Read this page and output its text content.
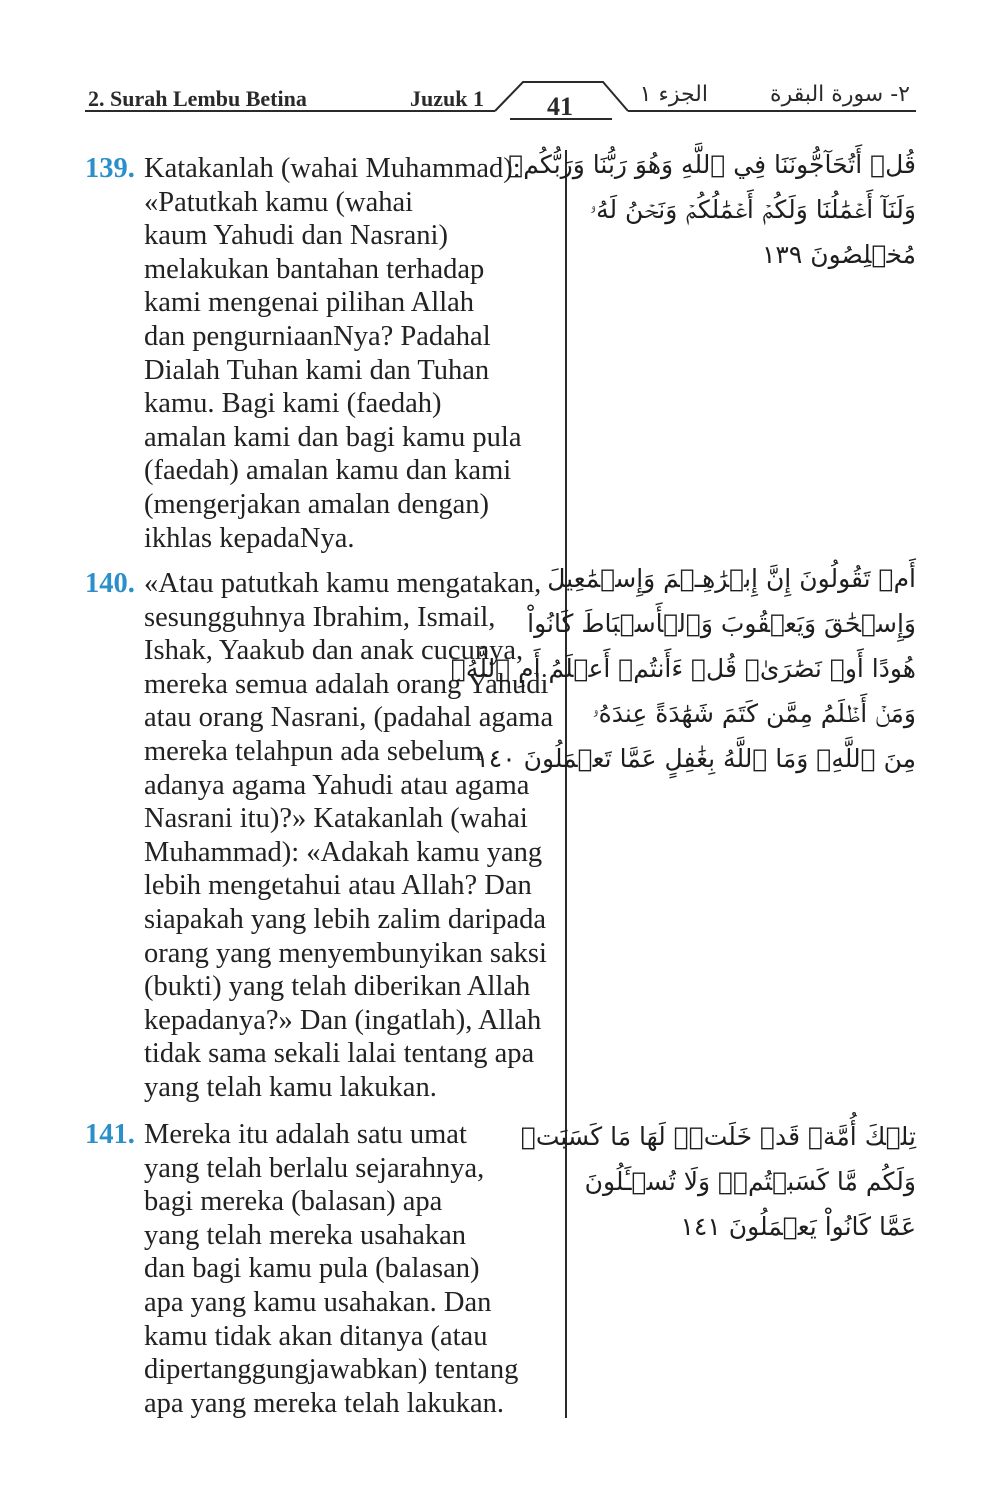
2. Surah Lembu Betina	Juzuk 1	41	الجزء ١	٢- سورة البقرة
139. Katakanlah (wahai Muhammad):
«Patutkah kamu (wahai
kaum Yahudi dan Nasrani)
melakukan bantahan terhadap
kami mengenai pilihan Allah
dan pengurniaanNya? Padahal
Dialah Tuhan kami dan Tuhan
kamu. Bagi kami (faedah)
amalan kami dan bagi kamu pula
(faedah) amalan kamu dan kami
(mengerjakan amalan dengan)
ikhlas kepadaNya.
قُلۡ أَتُحَآجُّونَنَا فِي ٱللَّهِ وَهُوَ رَبُّنَا وَرَبُّكُمۡ
وَلَنَآ أَعۡمَٰلُنَا وَلَكُمۡ أَعۡمَٰلُكُمۡ وَنَحۡنُ لَهُۥ
مُخۡلِصُونَ ١٣٩
140. «Atau patutkah kamu mengatakan,
sesungguhnya Ibrahim, Ismail,
Ishak, Yaakub dan anak cucunya,
mereka semua adalah orang Yahudi
atau orang Nasrani, (padahal agama
mereka telahpun ada sebelum
adanya agama Yahudi atau agama
Nasrani itu)?» Katakanlah (wahai
Muhammad): «Adakah kamu yang
lebih mengetahui atau Allah? Dan
siapakah yang lebih zalim daripada
orang yang menyembunyikan saksi
(bukti) yang telah diberikan Allah
kepadanya?» Dan (ingatlah), Allah
tidak sama sekali lalai tentang apa
yang telah kamu lakukan.
أَمۡ تَقُولُونَ إِنَّ إِبۡرَٰهِـۧمَ وَإِسۡمَٰعِيلَ
وَإِسۡحَٰقَ وَيَعۡقُوبَ وَٱلۡأَسۡبَاطَ كَانُواْ
هُودًا أَوۡ نَصَٰرَىٰۗ قُلۡ ءَأَنتُمۡ أَعۡلَمُ أَمِ ٱللَّهُۗ
وَمَنۡ أَظۡلَمُ مِمَّن كَتَمَ شَهَٰدَةً عِندَهُۥ
مِنَ ٱللَّهِۗ وَمَا ٱللَّهُ بِغَٰفِلٍ عَمَّا تَعۡمَلُونَ ١٤٠
141. Mereka itu adalah satu umat
yang telah berlalu sejarahnya,
bagi mereka (balasan) apa
yang telah mereka usahakan
dan bagi kamu pula (balasan)
apa yang kamu usahakan. Dan
kamu tidak akan ditanya (atau
dipertanggungjawabkan) tentang
apa yang mereka telah lakukan.
تِلۡكَ أُمَّةٞ قَدۡ خَلَتۡۖ لَهَا مَا كَسَبَتۡ
وَلَكُم مَّا كَسَبۡتُمۡۖ وَلَا تُسۡـَٔلُونَ
عَمَّا كَانُواْ يَعۡمَلُونَ ١٤١
